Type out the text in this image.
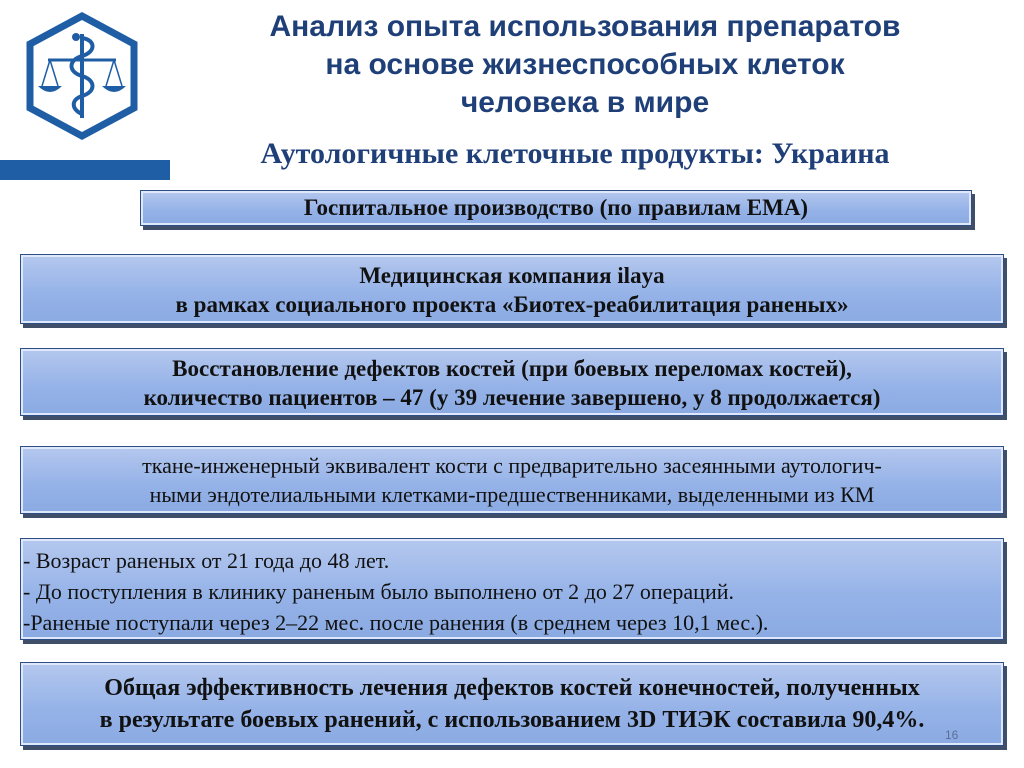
Анализ опыта использования препаратов
на основе жизнеспособных клеток
человека в мире
Аутологичные клеточные продукты: Украина
Госпитальное производство (по правилам ЕМА)
Медицинская компания ilaya
в рамках социального проекта «Биотех-реабилитация раненых»
Восстановление дефектов костей (при боевых переломах костей),
количество пациентов – 47 (у 39 лечение завершено, у 8 продолжается)
ткане-инженерный эквивалент кости с предварительно засеянными аутологич-
ными эндотелиальными клетками-предшественниками, выделенными из КМ
- Возраст раненых от 21 года до 48 лет.
- До поступления в клинику раненым было выполнено от 2 до 27 операций.
-Раненые поступали через 2–22 мес. после ранения (в среднем через 10,1 мес.).
Общая эффективность лечения дефектов костей конечностей, полученных
в результате боевых ранений, с использованием 3D ТИЭК составила 90,4%.
16
